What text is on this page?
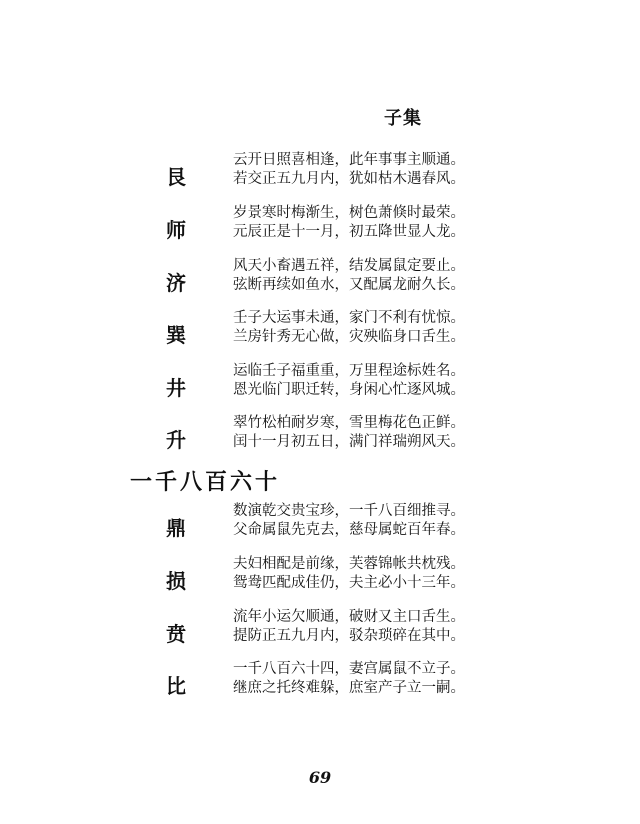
子集
艮
云开日照喜相逢，此年事事主顺通。
若交正五九月内，犹如枯木遇春风。
师
岁景寒时梅渐生，树色萧倏时最荣。
元辰正是十一月，初五降世显人龙。
济
风天小畜遇五祥，结发属鼠定要止。
弦断再续如鱼水，又配属龙耐久长。
巽
壬子大运事未通，家门不利有忧惊。
兰房针秀无心做，灾殃临身口舌生。
井
运临壬子福重重，万里程途标姓名。
恩光临门职迁转，身闲心忙逐风城。
升
翠竹松柏耐岁寒，雪里梅花色正鲜。
闰十一月初五日，满门祥瑞朔风天。
一千八百六十
鼎
数演乾交贵宝珍，一千八百细推寻。
父命属鼠先克去，慈母属蛇百年春。
损
夫妇相配是前缘，芙蓉锦帐共枕残。
鸳鸯匹配成佳仍，夫主必小十三年。
贲
流年小运欠顺通，破财又主口舌生。
提防正五九月内，驳杂琐碎在其中。
比
一千八百六十四，妻宫属鼠不立子。
继庶之托终难躲，庶室产子立一嗣。
69
